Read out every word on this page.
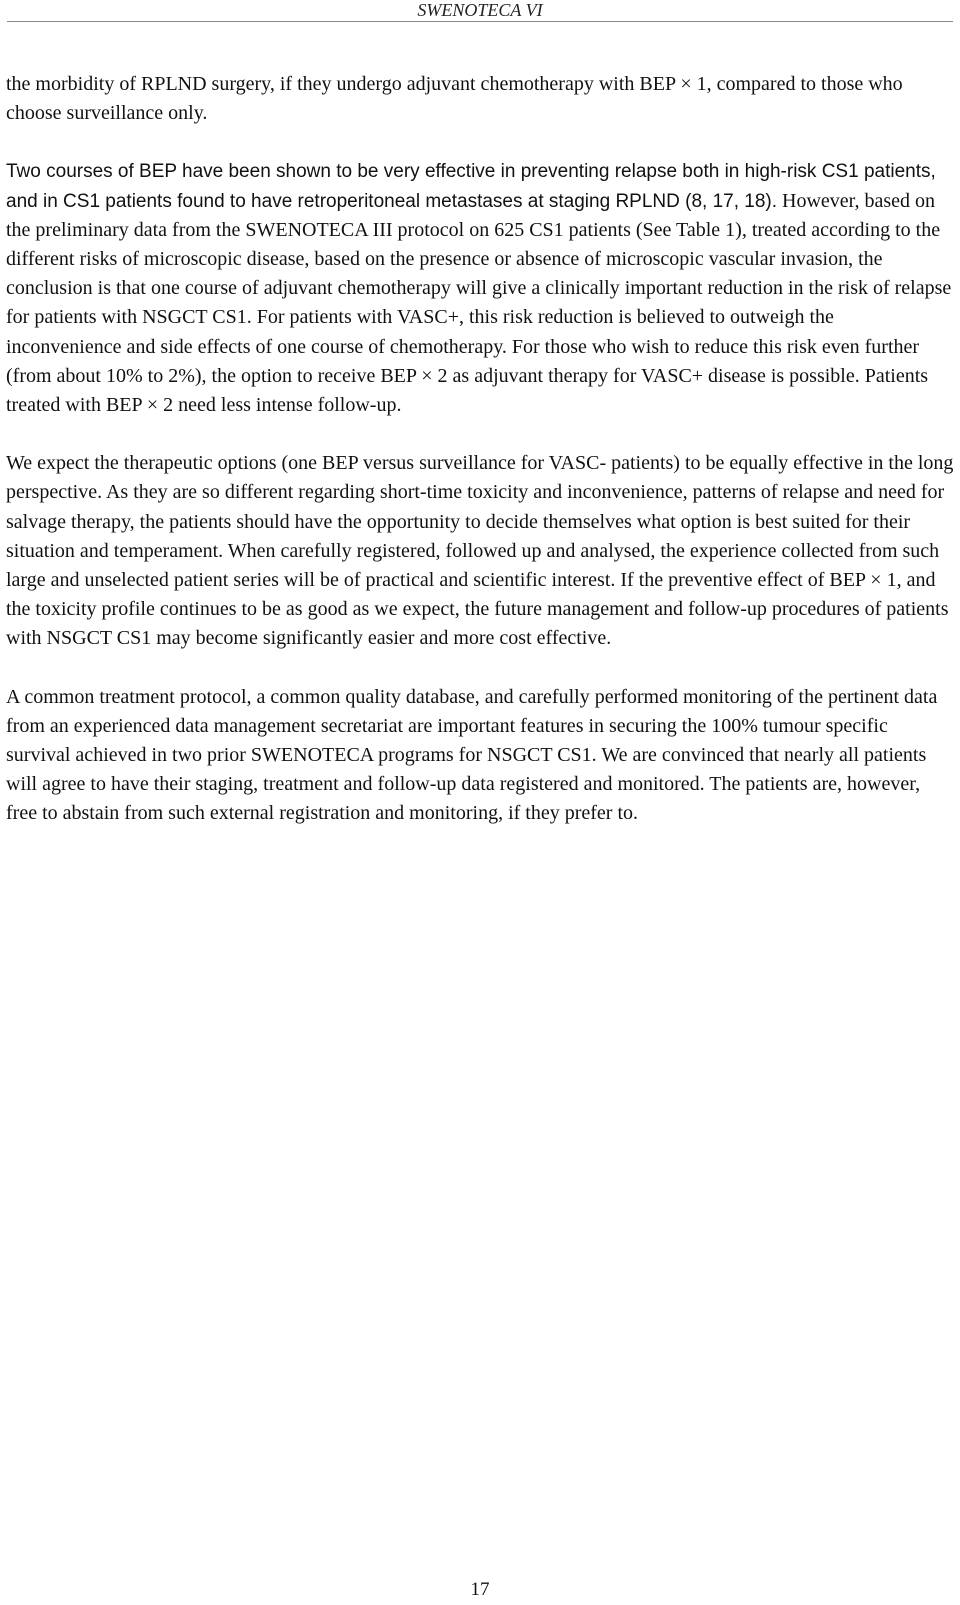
SWENOTECA VI

the morbidity of RPLND surgery, if they undergo adjuvant chemotherapy with BEP × 1, compared to those who choose surveillance only.

Two courses of BEP have been shown to be very effective in preventing relapse both in high-risk CS1 patients, and in CS1 patients found to have retroperitoneal metastases at staging RPLND (8, 17, 18). However, based on the preliminary data from the SWENOTECA III protocol on 625 CS1 patients (See Table 1), treated according to the different risks of microscopic disease, based on the presence or absence of microscopic vascular invasion, the conclusion is that one course of adjuvant chemotherapy will give a clinically important reduction in the risk of relapse for patients with NSGCT CS1. For patients with VASC+, this risk reduction is believed to outweigh the inconvenience and side effects of one course of chemotherapy. For those who wish to reduce this risk even further (from about 10% to 2%), the option to receive BEP × 2 as adjuvant therapy for VASC+ disease is possible. Patients treated with BEP × 2 need less intense follow-up.

We expect the therapeutic options (one BEP versus surveillance for VASC- patients) to be equally effective in the long perspective. As they are so different regarding short-time toxicity and inconvenience, patterns of relapse and need for salvage therapy, the patients should have the opportunity to decide themselves what option is best suited for their situation and temperament. When carefully registered, followed up and analysed, the experience collected from such large and unselected patient series will be of practical and scientific interest. If the preventive effect of BEP × 1, and the toxicity profile continues to be as good as we expect, the future management and follow-up procedures of patients with NSGCT CS1 may become significantly easier and more cost effective.

A common treatment protocol, a common quality database, and carefully performed monitoring of the pertinent data from an experienced data management secretariat are important features in securing the 100% tumour specific survival achieved in two prior SWENOTECA programs for NSGCT CS1. We are convinced that nearly all patients will agree to have their staging, treatment and follow-up data registered and monitored. The patients are, however, free to abstain from such external registration and monitoring, if they prefer to.

17
